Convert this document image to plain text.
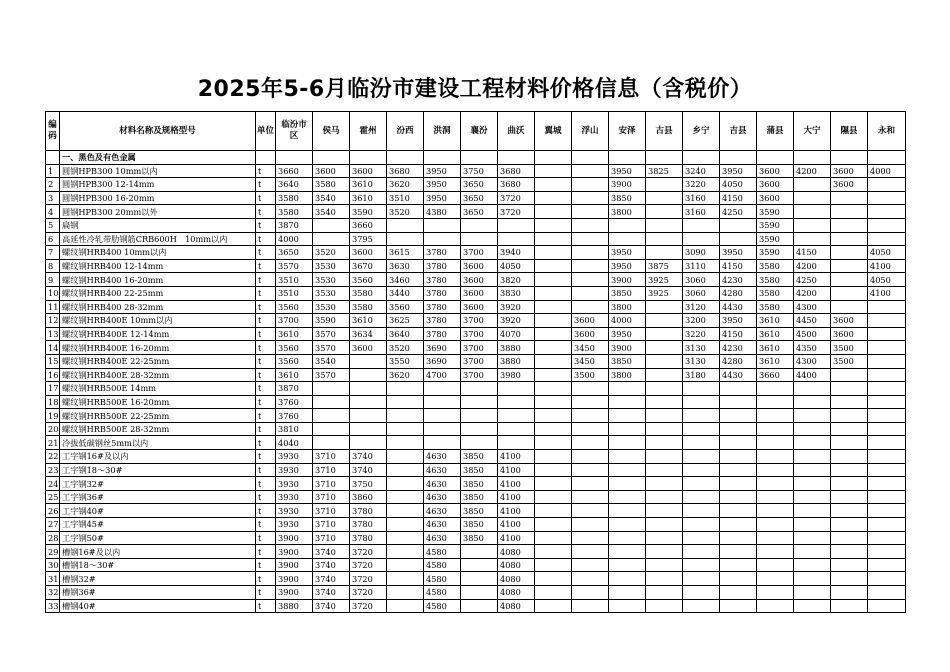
2025年5-6月临汾市建设工程材料价格信息（含税价）
编码	材料名称及规格型号	单位	临汾市区	侯马	霍州	汾西	洪洞	襄汾	曲沃	翼城	浮山	安泽	古县	乡宁	吉县	蒲县	大宁	隰县	永和
	一、黑色及有色金属																		
1	圆钢HPB300 10mm以内	t	3660	3600	3600	3680	3950	3750	3680			3950	3825	3240	3950	3600	4200	3600	4000
2	圆钢HPB300 12-14mm	t	3640	3580	3610	3620	3950	3650	3680			3900		3220	4050	3600		3600	
3	圆钢HPB300 16-20mm	t	3580	3540	3610	3510	3950	3650	3720			3850		3160	4150	3600			
4	圆钢HPB300 20mm以外	t	3580	3540	3590	3520	4380	3650	3720			3800		3160	4250	3590			
5	扁钢	t	3870		3660											3590			
6	高延性冷轧带肋钢筋CRB600H　10mm以内	t	4000		3795											3590			
7	螺纹钢HRB400 10mm以内	t	3650	3520	3600	3615	3780	3700	3940			3950		3090	3950	3590	4150		4050
8	螺纹钢HRB400 12-14mm	t	3570	3530	3670	3630	3780	3600	4050			3950	3875	3110	4150	3580	4200		4100
9	螺纹钢HRB400 16-20mm	t	3510	3530	3560	3460	3780	3600	3820			3900	3925	3060	4230	3580	4250		4050
10	螺纹钢HRB400 22-25mm	t	3510	3530	3580	3440	3780	3600	3830			3850	3925	3060	4280	3580	4200		4100
11	螺纹钢HRB400 28-32mm	t	3560	3530	3580	3560	3780	3600	3920			3800		3120	4430	3580	4300		
12	螺纹钢HRB400E 10mm以内	t	3700	3590	3610	3625	3780	3700	3920		3600	4000		3200	3950	3610	4450	3600	
13	螺纹钢HRB400E 12-14mm	t	3610	3570	3634	3640	3780	3700	4070		3600	3950		3220	4150	3610	4500	3600	
14	螺纹钢HRB400E 16-20mm	t	3560	3570	3600	3520	3690	3700	3880		3450	3900		3130	4230	3610	4350	3500	
15	螺纹钢HRB400E 22-25mm	t	3560	3540		3550	3690	3700	3880		3450	3850		3130	4280	3610	4300	3500	
16	螺纹钢HRB400E 28-32mm	t	3610	3570		3620	4700	3700	3980		3500	3800		3180	4430	3660	4400		
17	螺纹钢HRB500E 14mm	t	3870																
18	螺纹钢HRB500E 16-20mm	t	3760																
19	螺纹钢HRB500E 22-25mm	t	3760																
20	螺纹钢HRB500E 28-32mm	t	3810																
21	冷拔低碳钢丝5mm以内	t	4040																
22	工字钢16#及以内	t	3930	3710	3740		4630	3850	4100										
23	工字钢18～30#	t	3930	3710	3740		4630	3850	4100										
24	工字钢32#	t	3930	3710	3750		4630	3850	4100										
25	工字钢36#	t	3930	3710	3860		4630	3850	4100										
26	工字钢40#	t	3930	3710	3780		4630	3850	4100										
27	工字钢45#	t	3930	3710	3780		4630	3850	4100										
28	工字钢50#	t	3900	3710	3780		4630	3850	4100										
29	槽钢16#及以内	t	3900	3740	3720		4580		4080										
30	槽钢18～30#	t	3900	3740	3720		4580		4080										
31	槽钢32#	t	3900	3740	3720		4580		4080										
32	槽钢36#	t	3900	3740	3720		4580		4080										
33	槽钢40#	t	3880	3740	3720		4580		4080										
